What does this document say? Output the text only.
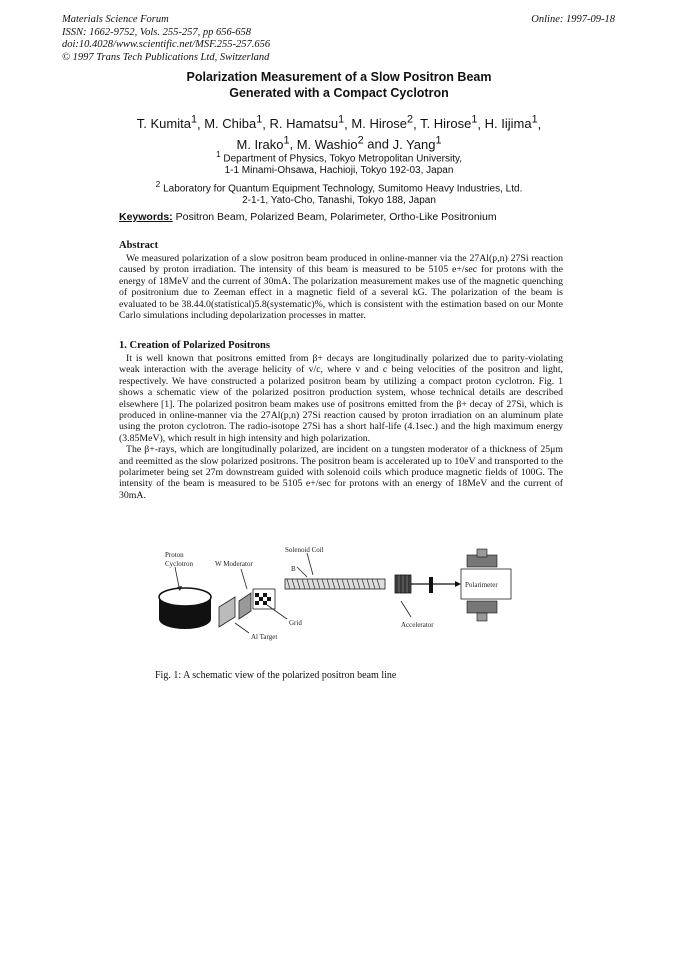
Materials Science Forum
ISSN: 1662-9752, Vols. 255-257, pp 656-658
doi:10.4028/www.scientific.net/MSF.255-257.656
© 1997 Trans Tech Publications Ltd, Switzerland
Online: 1997-09-18
Polarization Measurement of a Slow Positron Beam
Generated with a Compact Cyclotron
T. Kumita$^1$, M. Chiba$^1$, R. Hamatsu$^1$, M. Hirose$^2$, T. Hirose$^1$, H. Iijima$^1$,
M. Irako$^1$, M. Washio$^2$ and J. Yang$^1$
$^1$ Department of Physics, Tokyo Metropolitan University,
1-1 Minami-Ohsawa, Hachioji, Tokyo 192-03, Japan
$^2$ Laboratory for Quantum Equipment Technology, Sumitomo Heavy Industries, Ltd.
2-1-1, Yato-Cho, Tanashi, Tokyo 188, Japan
Keywords: Positron Beam, Polarized Beam, Polarimeter, Ortho-Like Positronium
Abstract

We measured polarization of a slow positron beam produced in online-manner via the 27Al(p,n) 27Si reaction caused by proton irradiation. The intensity of this beam is measured to be 5105 e+/sec for protons with the energy of 18MeV and the current of 30mA. The polarization measurement makes use of the magnetic quenching of positronium due to Zeeman effect in a magnetic field of a several kG. The polarization of the beam is evaluated to be 38.44.0(statistical)5.8(systematic)%, which is consistent with the estimation based on our Monte Carlo simulations including depolarization processes in matter.

1. Creation of Polarized Positrons

It is well known that positrons emitted from β+ decays are longitudinally polarized due to parity-violating weak interaction with the average helicity of v/c, where v and c being velocities of the positron and light, respectively. We have constructed a polarized positron beam by utilizing a compact proton cyclotron. Fig. 1 shows a schematic view of the polarized positron production system, whose technical details are described elsewhere [1]. The polarized positron beam makes use of positrons emitted from the β+ decay of 27Si, which is produced in online-manner via the 27Al(p,n) 27Si reaction caused by proton irradiation on an aluminum plate using the proton cyclotron. The radio-isotope 27Si has a short half-life (4.1sec.) and the high maximum energy (3.85MeV), which result in high intensity and high polarization.

The β+-rays, which are longitudinally polarized, are incident on a tungsten moderator of a thickness of 25μm and reemitted as the slow polarized positrons. The positron beam is accelerated up to 10eV and transported to the polarimeter being set 27m downstream guided with solenoid coils which produce magnetic fields of 100G. The intensity of the beam is measured to be 5105 e+/sec for protons with an energy of 18MeV and the current of 30mA.

Proton
Cyclotron	W Moderator
Solenoid Coil
B
Grid
Al Target
Accelerator
Polarimeter
Fig. 1: A schematic view of the polarized positron beam line
